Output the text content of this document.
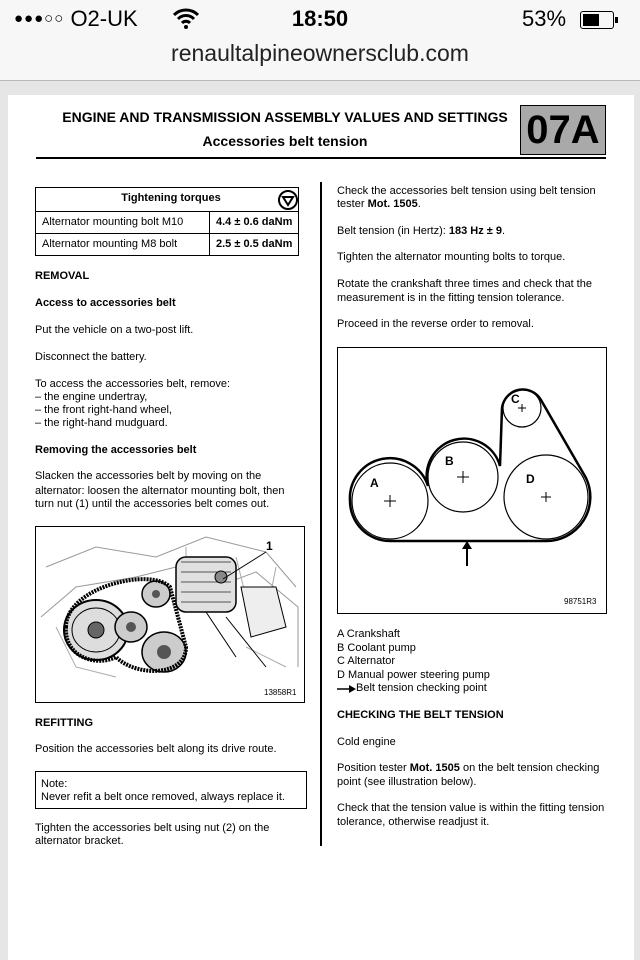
●●●○○ O2-UK	18:50	53%
renaultalpineownersclub.com
ENGINE AND TRANSMISSION ASSEMBLY VALUES AND SETTINGS
Accessories belt tension	07A
Tightening torques
Alternator mounting bolt M10	4.4 ± 0.6 daNm
Alternator mounting M8 bolt	2.5 ± 0.5 daNm
REMOVAL
Access to accessories belt
Put the vehicle on a two-post lift.
Disconnect the battery.
To access the accessories belt, remove:
– the engine undertray,
– the front right-hand wheel,
– the right-hand mudguard.
Removing the accessories belt
Slacken the accessories belt by moving on the
alternator: loosen the alternator mounting bolt, then
turn nut (1) until the accessories belt comes out.
1
13858R1
REFITTING
Position the accessories belt along its drive route.
Note:
Never refit a belt once removed, always replace it.
Tighten the accessories belt using nut (2) on the
alternator bracket.
Check the accessories belt tension using belt tension
tester Mot. 1505.
Belt tension (in Hertz): 183 Hz ± 9.
Tighten the alternator mounting bolts to torque.
Rotate the crankshaft three times and check that the
measurement is in the fitting tension tolerance.
Proceed in the reverse order to removal.
A
B
C
D
98751R3
A Crankshaft
B Coolant pump
C Alternator
D Manual power steering pump
Belt tension checking point
CHECKING THE BELT TENSION
Cold engine
Position tester Mot. 1505 on the belt tension checking
point (see illustration below).
Check that the tension value is within the fitting tension
tolerance, otherwise readjust it.
